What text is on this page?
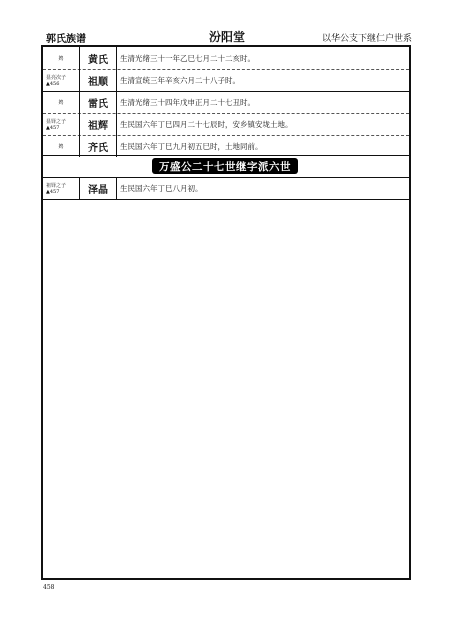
郭氏族谱	汾阳堂	以华公支下继仁户世系
娉	黄氏	生清光绪三十一年乙巳七月二十二亥时。
显亮次子
▲456	祖顺	生清宣统三年辛亥六月二十八子时。
娉	雷氏	生清光绪三十四年戊申正月二十七丑时。
显铎之子
▲457	祖辉	生民国六年丁巳四月二十七辰时，安乡镇安垅土地。
娉	齐氏	生民国六年丁巳九月初五巳时，土地同前。
万盛公二十七世继字派六世
祖铎之子
▲457	泽晶	生民国六年丁巳八月初。
458
